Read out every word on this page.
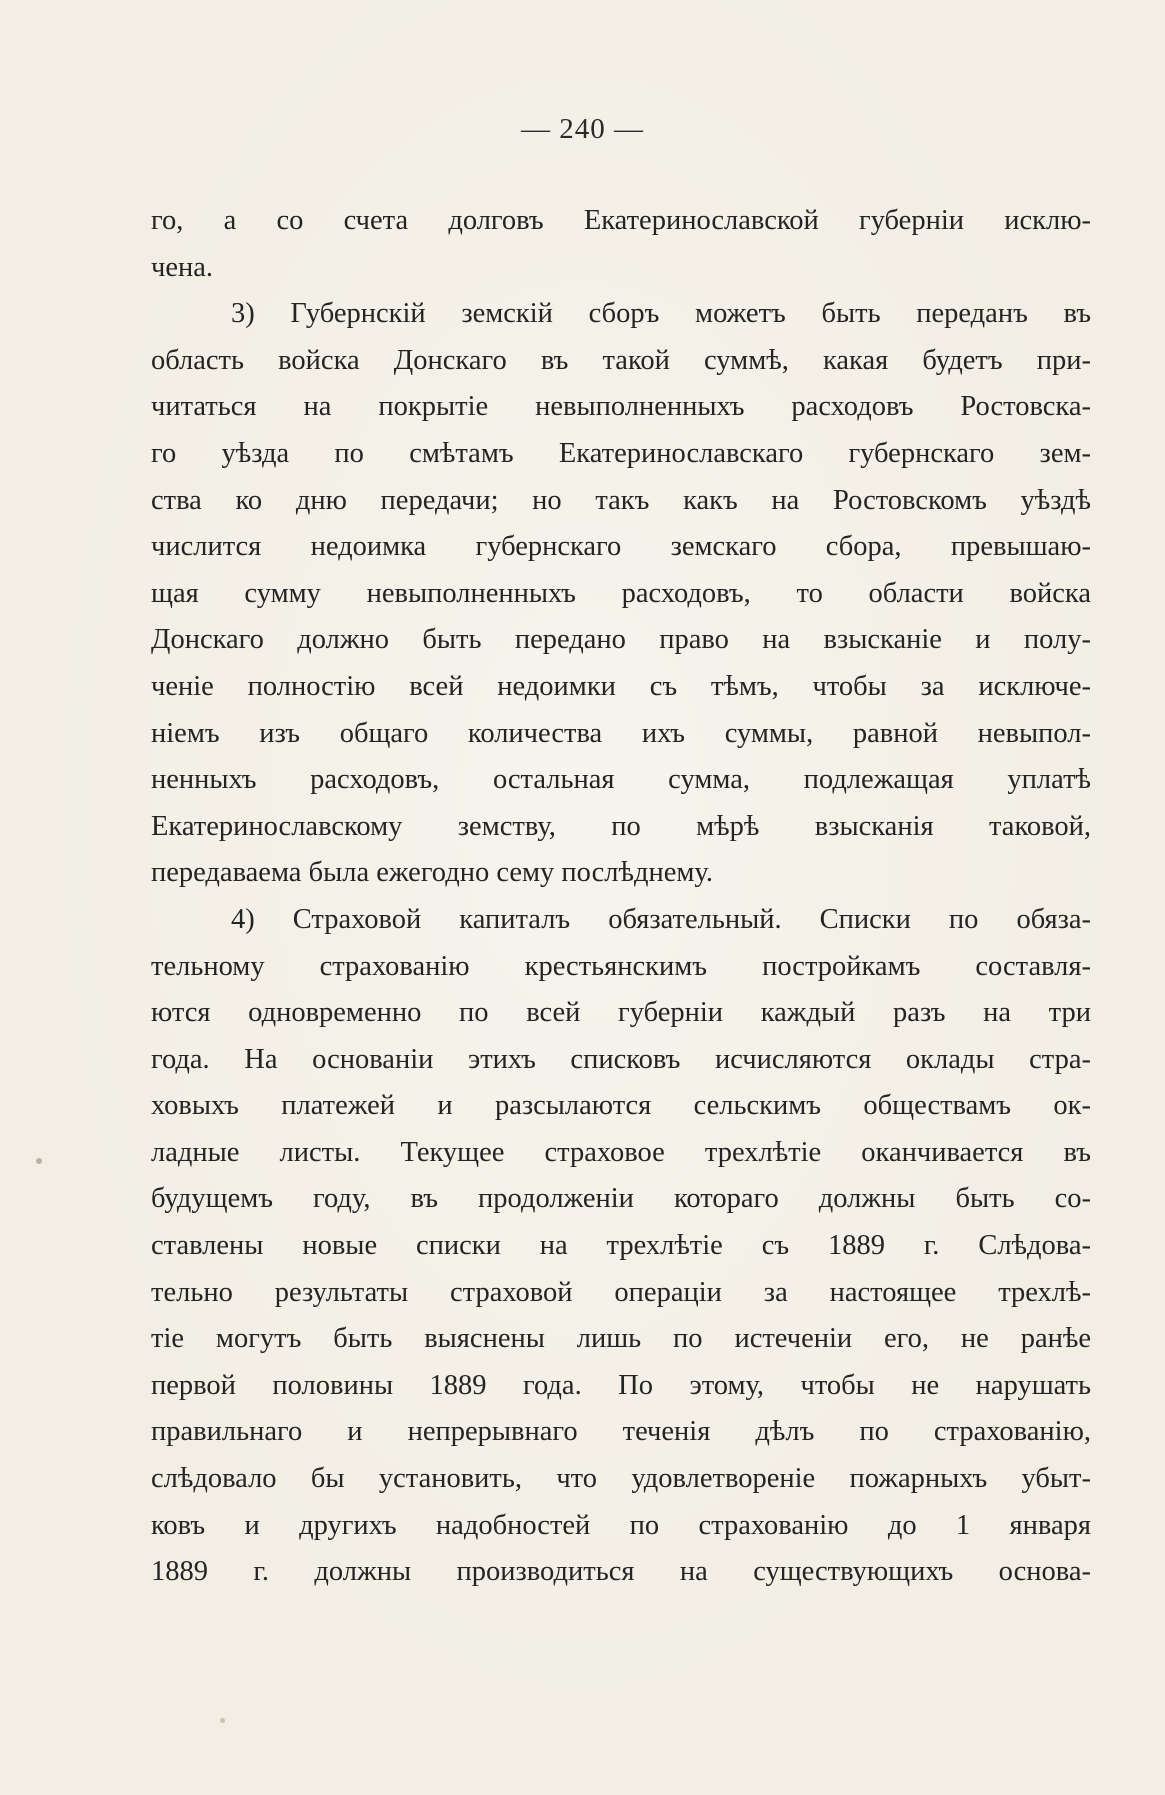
— 240 —
го, а со счета долговъ Екатеринославской губерніи исклю-
чена.
3) Губернскій земскій сборъ можетъ быть переданъ въ
область войска Донскаго въ такой суммѣ, какая будетъ при-
читаться на покрытіе невыполненныхъ расходовъ Ростовска-
го уѣзда по смѣтамъ Екатеринославскаго губернскаго зем-
ства ко дню передачи; но такъ какъ на Ростовскомъ уѣздѣ
числится недоимка губернскаго земскаго сбора, превышаю-
щая сумму невыполненныхъ расходовъ, то области войска
Донскаго должно быть передано право на взысканіе и полу-
ченіе полностію всей недоимки съ тѣмъ, чтобы за исключе-
ніемъ изъ общаго количества ихъ суммы, равной невыпол-
ненныхъ расходовъ, остальная сумма, подлежащая уплатѣ
Екатеринославскому земству, по мѣрѣ взысканія таковой,
передаваема была ежегодно сему послѣднему.
4) Страховой капиталъ обязательный. Списки по обяза-
тельному страхованію крестьянскимъ постройкамъ составля-
ются одновременно по всей губерніи каждый разъ на три
года. На основаніи этихъ списковъ исчисляются оклады стра-
ховыхъ платежей и разсылаются сельскимъ обществамъ ок-
ладные листы. Текущее страховое трехлѣтіе оканчивается въ
будущемъ году, въ продолженіи котораго должны быть со-
ставлены новые списки на трехлѣтіе съ 1889 г. Слѣдова-
тельно результаты страховой операціи за настоящее трехлѣ-
тіе могутъ быть выяснены лишь по истеченіи его, не ранѣе
первой половины 1889 года. По этому, чтобы не нарушать
правильнаго и непрерывнаго теченія дѣлъ по страхованію,
слѣдовало бы установить, что удовлетвореніе пожарныхъ убыт-
ковъ и другихъ надобностей по страхованію до 1 января
1889 г. должны производиться на существующихъ основа-
